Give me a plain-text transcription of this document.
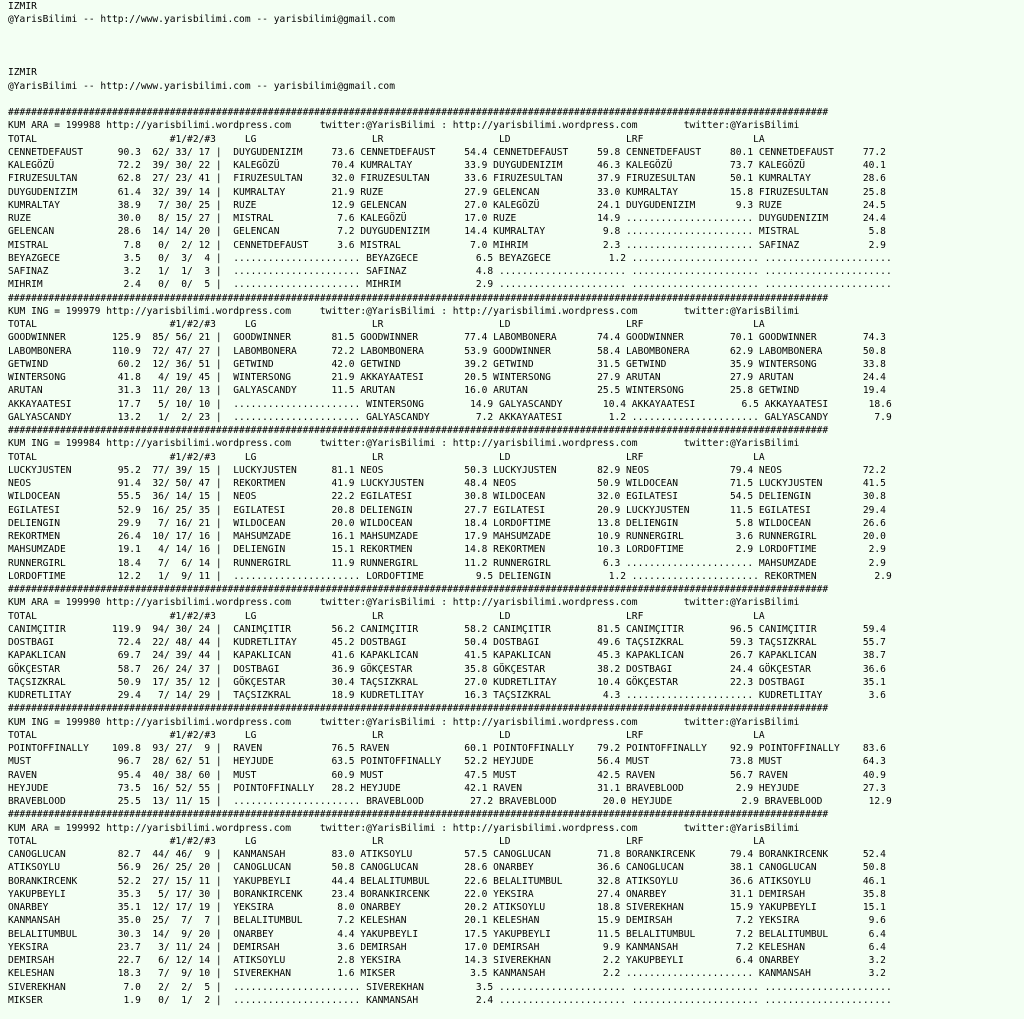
IZMIR
@YarisBilimi -- http://www.yarisbilimi.com -- yarisbilimi@gmail.com
IZMIR
@YarisBilimi -- http://www.yarisbilimi.com -- yarisbilimi@gmail.com
##############################################################################################################################################
KUM ARA = 199988 http://yarisbilimi.wordpress.com     twitter:@YarisBilimi : http://yarisbilimi.wordpress.com        twitter:@YarisBilimi
TOTAL                       #1/#2/#3     LG                    LR                    LD                    LRF                   LA
CENNETDEFAUST      90.3  62/ 33/ 17 |  DUYGUDENIZIM     73.6 CENNETDEFAUST     54.4 CENNETDEFAUST     59.8 CENNETDEFAUST     80.1 CENNETDEFAUST     77.2
KALEGÖZÜ           72.2  39/ 30/ 22 |  KALEGÖZÜ         70.4 KUMRALTAY         33.9 DUYGUDENIZIM      46.3 KALEGÖZÜ          73.7 KALEGÖZÜ          40.1
FIRUZESULTAN       62.8  27/ 23/ 41 |  FIRUZESULTAN     32.0 FIRUZESULTAN      33.6 FIRUZESULTAN      37.9 FIRUZESULTAN      50.1 KUMRALTAY         28.6
DUYGUDENIZIM       61.4  32/ 39/ 14 |  KUMRALTAY        21.9 RUZE              27.9 GELENCAN          33.0 KUMRALTAY         15.8 FIRUZESULTAN      25.8
KUMRALTAY          38.9   7/ 30/ 25 |  RUZE             12.9 GELENCAN          27.0 KALEGÖZÜ          24.1 DUYGUDENIZIM       9.3 RUZE              24.5
RUZE               30.0   8/ 15/ 27 |  MISTRAL           7.6 KALEGÖZÜ          17.0 RUZE              14.9 ...................... DUYGUDENIZIM      24.4
GELENCAN           28.6  14/ 14/ 20 |  GELENCAN          7.2 DUYGUDENIZIM      14.4 KUMRALTAY          9.8 ...................... MISTRAL            5.8
MISTRAL             7.8   0/  2/ 12 |  CENNETDEFAUST     3.6 MISTRAL            7.0 MIHRIM             2.3 ...................... SAFINAZ            2.9
BEYAZGECE           3.5   0/  3/  4 |  ...................... BEYAZGECE          6.5 BEYAZGECE          1.2 ...................... ......................
SAFINAZ             3.2   1/  1/  3 |  ...................... SAFINAZ            4.8 ...................... ...................... ......................
MIHRIM              2.4   0/  0/  5 |  ...................... MIHRIM             2.9 ...................... ...................... ......................
##############################################################################################################################################
KUM ING = 199979 http://yarisbilimi.wordpress.com     twitter:@YarisBilimi : http://yarisbilimi.wordpress.com        twitter:@YarisBilimi
TOTAL                       #1/#2/#3     LG                    LR                    LD                    LRF                   LA
GOODWINNER        125.9  85/ 56/ 21 |  GOODWINNER       81.5 GOODWINNER        77.4 LABOMBONERA       74.4 GOODWINNER        70.1 GOODWINNER        74.3
LABOMBONERA       110.9  72/ 47/ 27 |  LABOMBONERA      72.2 LABOMBONERA       53.9 GOODWINNER        58.4 LABOMBONERA       62.9 LABOMBONERA       50.8
GETWIND            60.2  12/ 36/ 51 |  GETWIND          42.0 GETWIND           39.2 GETWIND           31.5 GETWIND           35.9 WINTERSONG        33.8
WINTERSONG         41.8   4/ 19/ 45 |  WINTERSONG       21.9 AKKAYAATESI       20.5 WINTERSONG        27.9 ARUTAN            27.9 ARUTAN            24.4
ARUTAN             31.3  11/ 20/ 13 |  GALYASCANDY      11.5 ARUTAN            16.0 ARUTAN            25.5 WINTERSONG        25.8 GETWIND           19.4
AKKAYAATESI        17.7   5/ 10/ 10 |  ...................... WINTERSONG        14.9 GALYASCANDY       10.4 AKKAYAATESI        6.5 AKKAYAATESI       18.6
GALYASCANDY        13.2   1/  2/ 23 |  ...................... GALYASCANDY        7.2 AKKAYAATESI        1.2 ...................... GALYASCANDY        7.9
##############################################################################################################################################
KUM ING = 199984 http://yarisbilimi.wordpress.com     twitter:@YarisBilimi : http://yarisbilimi.wordpress.com        twitter:@YarisBilimi
TOTAL                       #1/#2/#3     LG                    LR                    LD                    LRF                   LA
LUCKYJUSTEN        95.2  77/ 39/ 15 |  LUCKYJUSTEN      81.1 NEOS              50.3 LUCKYJUSTEN       82.9 NEOS              79.4 NEOS              72.2
NEOS               91.4  32/ 50/ 47 |  REKORTMEN        41.9 LUCKYJUSTEN       48.4 NEOS              50.9 WILDOCEAN         71.5 LUCKYJUSTEN       41.5
WILDOCEAN          55.5  36/ 14/ 15 |  NEOS             22.2 EGILATESI         30.8 WILDOCEAN         32.0 EGILATESI         54.5 DELIENGIN         30.8
EGILATESI          52.9  16/ 25/ 35 |  EGILATESI        20.8 DELIENGIN         27.7 EGILATESI         20.9 LUCKYJUSTEN       11.5 EGILATESI         29.4
DELIENGIN          29.9   7/ 16/ 21 |  WILDOCEAN        20.0 WILDOCEAN         18.4 LORDOFTIME        13.8 DELIENGIN          5.8 WILDOCEAN         26.6
REKORTMEN          26.4  10/ 17/ 16 |  MAHSUMZADE       16.1 MAHSUMZADE        17.9 MAHSUMZADE        10.9 RUNNERGIRL         3.6 RUNNERGIRL        20.0
MAHSUMZADE         19.1   4/ 14/ 16 |  DELIENGIN        15.1 REKORTMEN         14.8 REKORTMEN         10.3 LORDOFTIME         2.9 LORDOFTIME         2.9
RUNNERGIRL         18.4   7/  6/ 14 |  RUNNERGIRL       11.9 RUNNERGIRL        11.2 RUNNERGIRL         6.3 ...................... MAHSUMZADE         2.9
LORDOFTIME         12.2   1/  9/ 11 |  ...................... LORDOFTIME         9.5 DELIENGIN          1.2 ...................... REKORTMEN          2.9
##############################################################################################################################################
KUM ARA = 199990 http://yarisbilimi.wordpress.com     twitter:@YarisBilimi : http://yarisbilimi.wordpress.com        twitter:@YarisBilimi
TOTAL                       #1/#2/#3     LG                    LR                    LD                    LRF                   LA
CANIMÇITIR        119.9  94/ 30/ 24 |  CANIMÇITIR       56.2 CANIMÇITIR        58.2 CANIMÇITIR        81.5 CANIMÇITIR        96.5 CANIMÇITIR        59.4
DOSTBAGI           72.4  22/ 48/ 44 |  KUDRETLITAY      45.2 DOSTBAGI          50.4 DOSTBAGI          49.6 TAÇSIZKRAL        59.3 TAÇSIZKRAL        55.7
KAPAKLICAN         69.7  24/ 39/ 44 |  KAPAKLICAN       41.6 KAPAKLICAN        41.5 KAPAKLICAN        45.3 KAPAKLICAN        26.7 KAPAKLICAN        38.7
GÖKÇESTAR          58.7  26/ 24/ 37 |  DOSTBAGI         36.9 GÖKÇESTAR         35.8 GÖKÇESTAR         38.2 DOSTBAGI          24.4 GÖKÇESTAR         36.6
TAÇSIZKRAL         50.9  17/ 35/ 12 |  GÖKÇESTAR        30.4 TAÇSIZKRAL        27.0 KUDRETLITAY       10.4 GÖKÇESTAR         22.3 DOSTBAGI          35.1
KUDRETLITAY        29.4   7/ 14/ 29 |  TAÇSIZKRAL       18.9 KUDRETLITAY       16.3 TAÇSIZKRAL         4.3 ...................... KUDRETLITAY        3.6
##############################################################################################################################################
KUM ING = 199980 http://yarisbilimi.wordpress.com     twitter:@YarisBilimi : http://yarisbilimi.wordpress.com        twitter:@YarisBilimi
TOTAL                       #1/#2/#3     LG                    LR                    LD                    LRF                   LA
POINTOFFINALLY    109.8  93/ 27/  9 |  RAVEN            76.5 RAVEN             60.1 POINTOFFINALLY    79.2 POINTOFFINALLY    92.9 POINTOFFINALLY    83.6
MUST               96.7  28/ 62/ 51 |  HEYJUDE          63.5 POINTOFFINALLY    52.2 HEYJUDE           56.4 MUST              73.8 MUST              64.3
RAVEN              95.4  40/ 38/ 60 |  MUST             60.9 MUST              47.5 MUST              42.5 RAVEN             56.7 RAVEN             40.9
HEYJUDE            73.5  16/ 52/ 55 |  POINTOFFINALLY   28.2 HEYJUDE           42.1 RAVEN             31.1 BRAVEBLOOD         2.9 HEYJUDE           27.3
BRAVEBLOOD         25.5  13/ 11/ 15 |  ...................... BRAVEBLOOD        27.2 BRAVEBLOOD        20.0 HEYJUDE            2.9 BRAVEBLOOD        12.9
##############################################################################################################################################
KUM ARA = 199992 http://yarisbilimi.wordpress.com     twitter:@YarisBilimi : http://yarisbilimi.wordpress.com        twitter:@YarisBilimi
TOTAL                       #1/#2/#3     LG                    LR                    LD                    LRF                   LA
CANOGLUCAN         82.7  44/ 46/  9 |  KANMANSAH        83.0 ATIKSOYLU         57.5 CANOGLUCAN        71.8 BORANKIRCENK      79.4 BORANKIRCENK      52.4
ATIKSOYLU          56.9  26/ 25/ 20 |  CANOGLUCAN       50.8 CANOGLUCAN        28.6 ONARBEY           36.6 CANOGLUCAN        38.1 CANOGLUCAN        50.8
BORANKIRCENK       52.2  27/ 15/ 11 |  YAKUPBEYLI       44.4 BELALITUMBUL      22.6 BELALITUMBUL      32.8 ATIKSOYLU         36.6 ATIKSOYLU         46.1
YAKUPBEYLI         35.3   5/ 17/ 30 |  BORANKIRCENK     23.4 BORANKIRCENK      22.0 YEKSIRA           27.4 ONARBEY           31.1 DEMIRSAH          35.8
ONARBEY            35.1  12/ 17/ 19 |  YEKSIRA           8.0 ONARBEY           20.2 ATIKSOYLU         18.8 SIVEREKHAN        15.9 YAKUPBEYLI        15.1
KANMANSAH          35.0  25/  7/  7 |  BELALITUMBUL      7.2 KELESHAN          20.1 KELESHAN          15.9 DEMIRSAH           7.2 YEKSIRA            9.6
BELALITUMBUL       30.3  14/  9/ 20 |  ONARBEY           4.4 YAKUPBEYLI        17.5 YAKUPBEYLI        11.5 BELALITUMBUL       7.2 BELALITUMBUL       6.4
YEKSIRA            23.7   3/ 11/ 24 |  DEMIRSAH          3.6 DEMIRSAH          17.0 DEMIRSAH           9.9 KANMANSAH          7.2 KELESHAN           6.4
DEMIRSAH           22.7   6/ 12/ 14 |  ATIKSOYLU         2.8 YEKSIRA           14.3 SIVEREKHAN         2.2 YAKUPBEYLI         6.4 ONARBEY            3.2
KELESHAN           18.3   7/  9/ 10 |  SIVEREKHAN        1.6 MIKSER             3.5 KANMANSAH          2.2 ...................... KANMANSAH          3.2
SIVEREKHAN          7.0   2/  2/  5 |  ...................... SIVEREKHAN         3.5 ...................... ...................... ......................
MIKSER              1.9   0/  1/  2 |  ...................... KANMANSAH          2.4 ...................... ...................... ......................
